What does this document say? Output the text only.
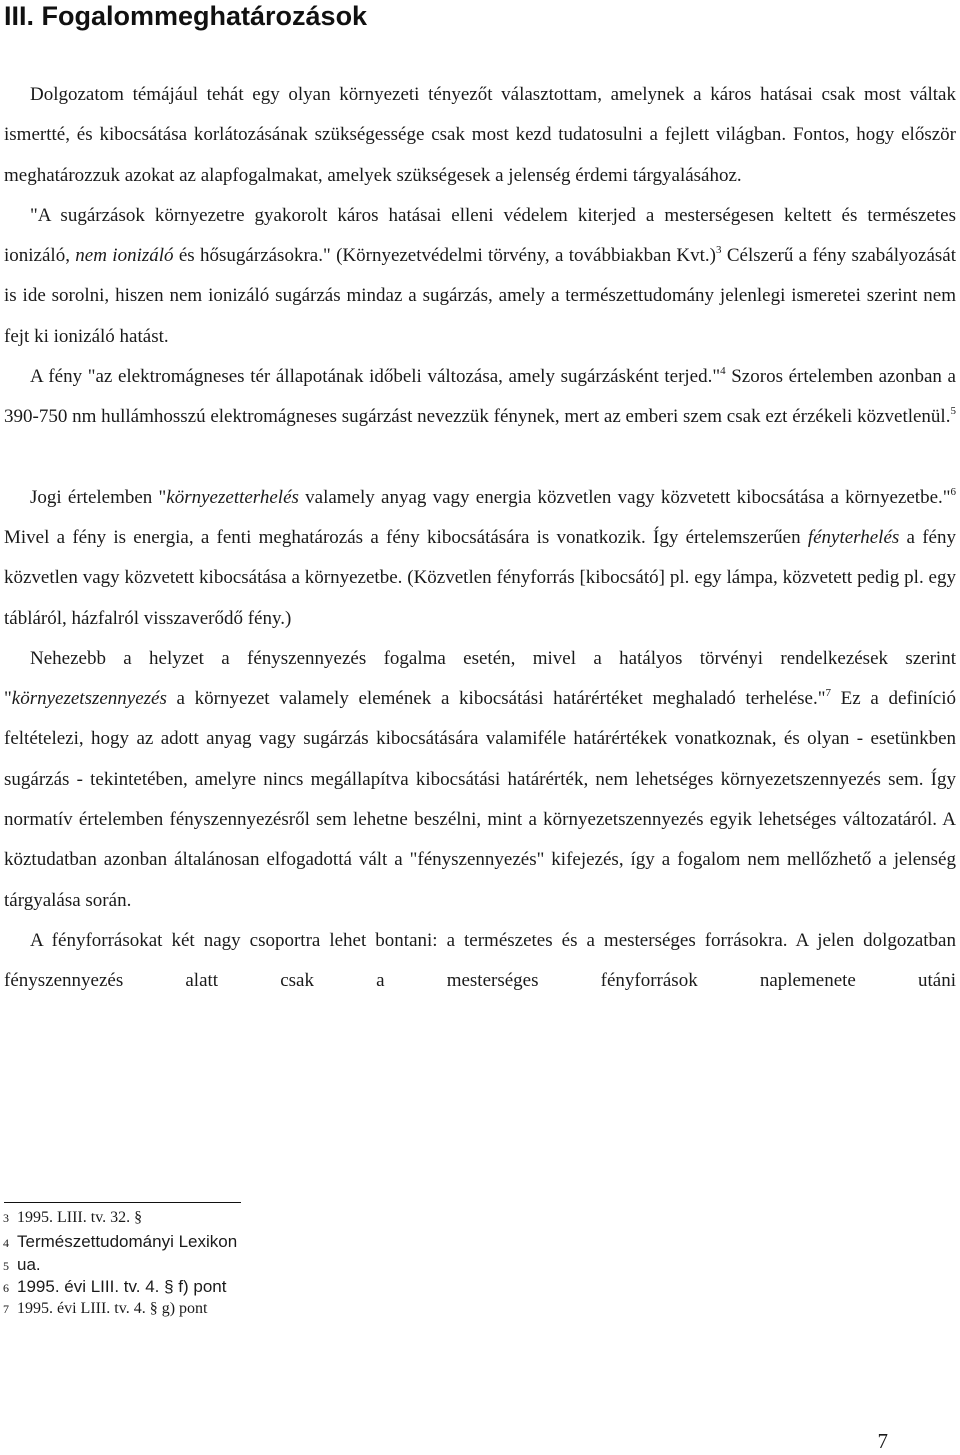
III. Fogalommeghatározások

Dolgozatom témájául tehát egy olyan környezeti tényezőt választottam, amelynek a káros hatásai csak most váltak ismertté, és kibocsátása korlátozásának szükségessége csak most kezd tudatosulni a fejlett világban. Fontos, hogy először meghatározzuk azokat az alapfogalmakat, amelyek szükségesek a jelenség érdemi tárgyalásához.

"A sugárzások környezetre gyakorolt káros hatásai elleni védelem kiterjed a mesterségesen keltett és természetes ionizáló, nem ionizáló és hősugárzásokra." (Környezetvédelmi törvény, a továbbiakban Kvt.)$^3$ Célszerű a fény szabályozását is ide sorolni, hiszen nem ionizáló sugárzás mindaz a sugárzás, amely a természettudomány jelenlegi ismeretei szerint nem fejt ki ionizáló hatást.

A fény "az elektromágneses tér állapotának időbeli változása, amely sugárzásként terjed."$^4$ Szoros értelemben azonban a 390-750 nm hullámhosszú elektromágneses sugárzást nevezzük fénynek, mert az emberi szem csak ezt érzékeli közvetlenül.$^5$

Jogi értelemben "környezetterhelés valamely anyag vagy energia közvetlen vagy közvetett kibocsátása a környezetbe."$^6$ Mivel a fény is energia, a fenti meghatározás a fény kibocsátására is vonatkozik. Így értelemszerűen fényterhelés a fény közvetlen vagy közvetett kibocsátása a környezetbe. (Közvetlen fényforrás [kibocsátó] pl. egy lámpa, közvetett pedig pl. egy tábláról, házfalról visszaverődő fény.)

Nehezebb a helyzet a fényszennyezés fogalma esetén, mivel a hatályos törvényi rendelkezések szerint "környezetszennyezés a környezet valamely elemének a kibocsátási határértéket meghaladó terhelése."$^7$ Ez a definíció feltételezi, hogy az adott anyag vagy sugárzás kibocsátására valamiféle határértékek vonatkoznak, és olyan - esetünkben sugárzás - tekintetében, amelyre nincs megállapítva kibocsátási határérték, nem lehetséges környezetszennyezés sem. Így normatív értelemben fényszennyezésről sem lehetne beszélni, mint a környezetszennyezés egyik lehetséges változatáról. A köztudatban azonban általánosan elfogadottá vált a "fényszennyezés" kifejezés, így a fogalom nem mellőzhető a jelenség tárgyalása során.

A fényforrásokat két nagy csoportra lehet bontani: a természetes és a mesterséges forrásokra. A jelen dolgozatban fényszennyezés alatt csak a mesterséges fényforrások naplemenete utáni

3 1995. LIII. tv. 32. §
4 Természettudományi Lexikon
5 ua.
6 1995. évi LIII. tv. 4. § f) pont
7 1995. évi LIII. tv. 4. § g) pont
7
